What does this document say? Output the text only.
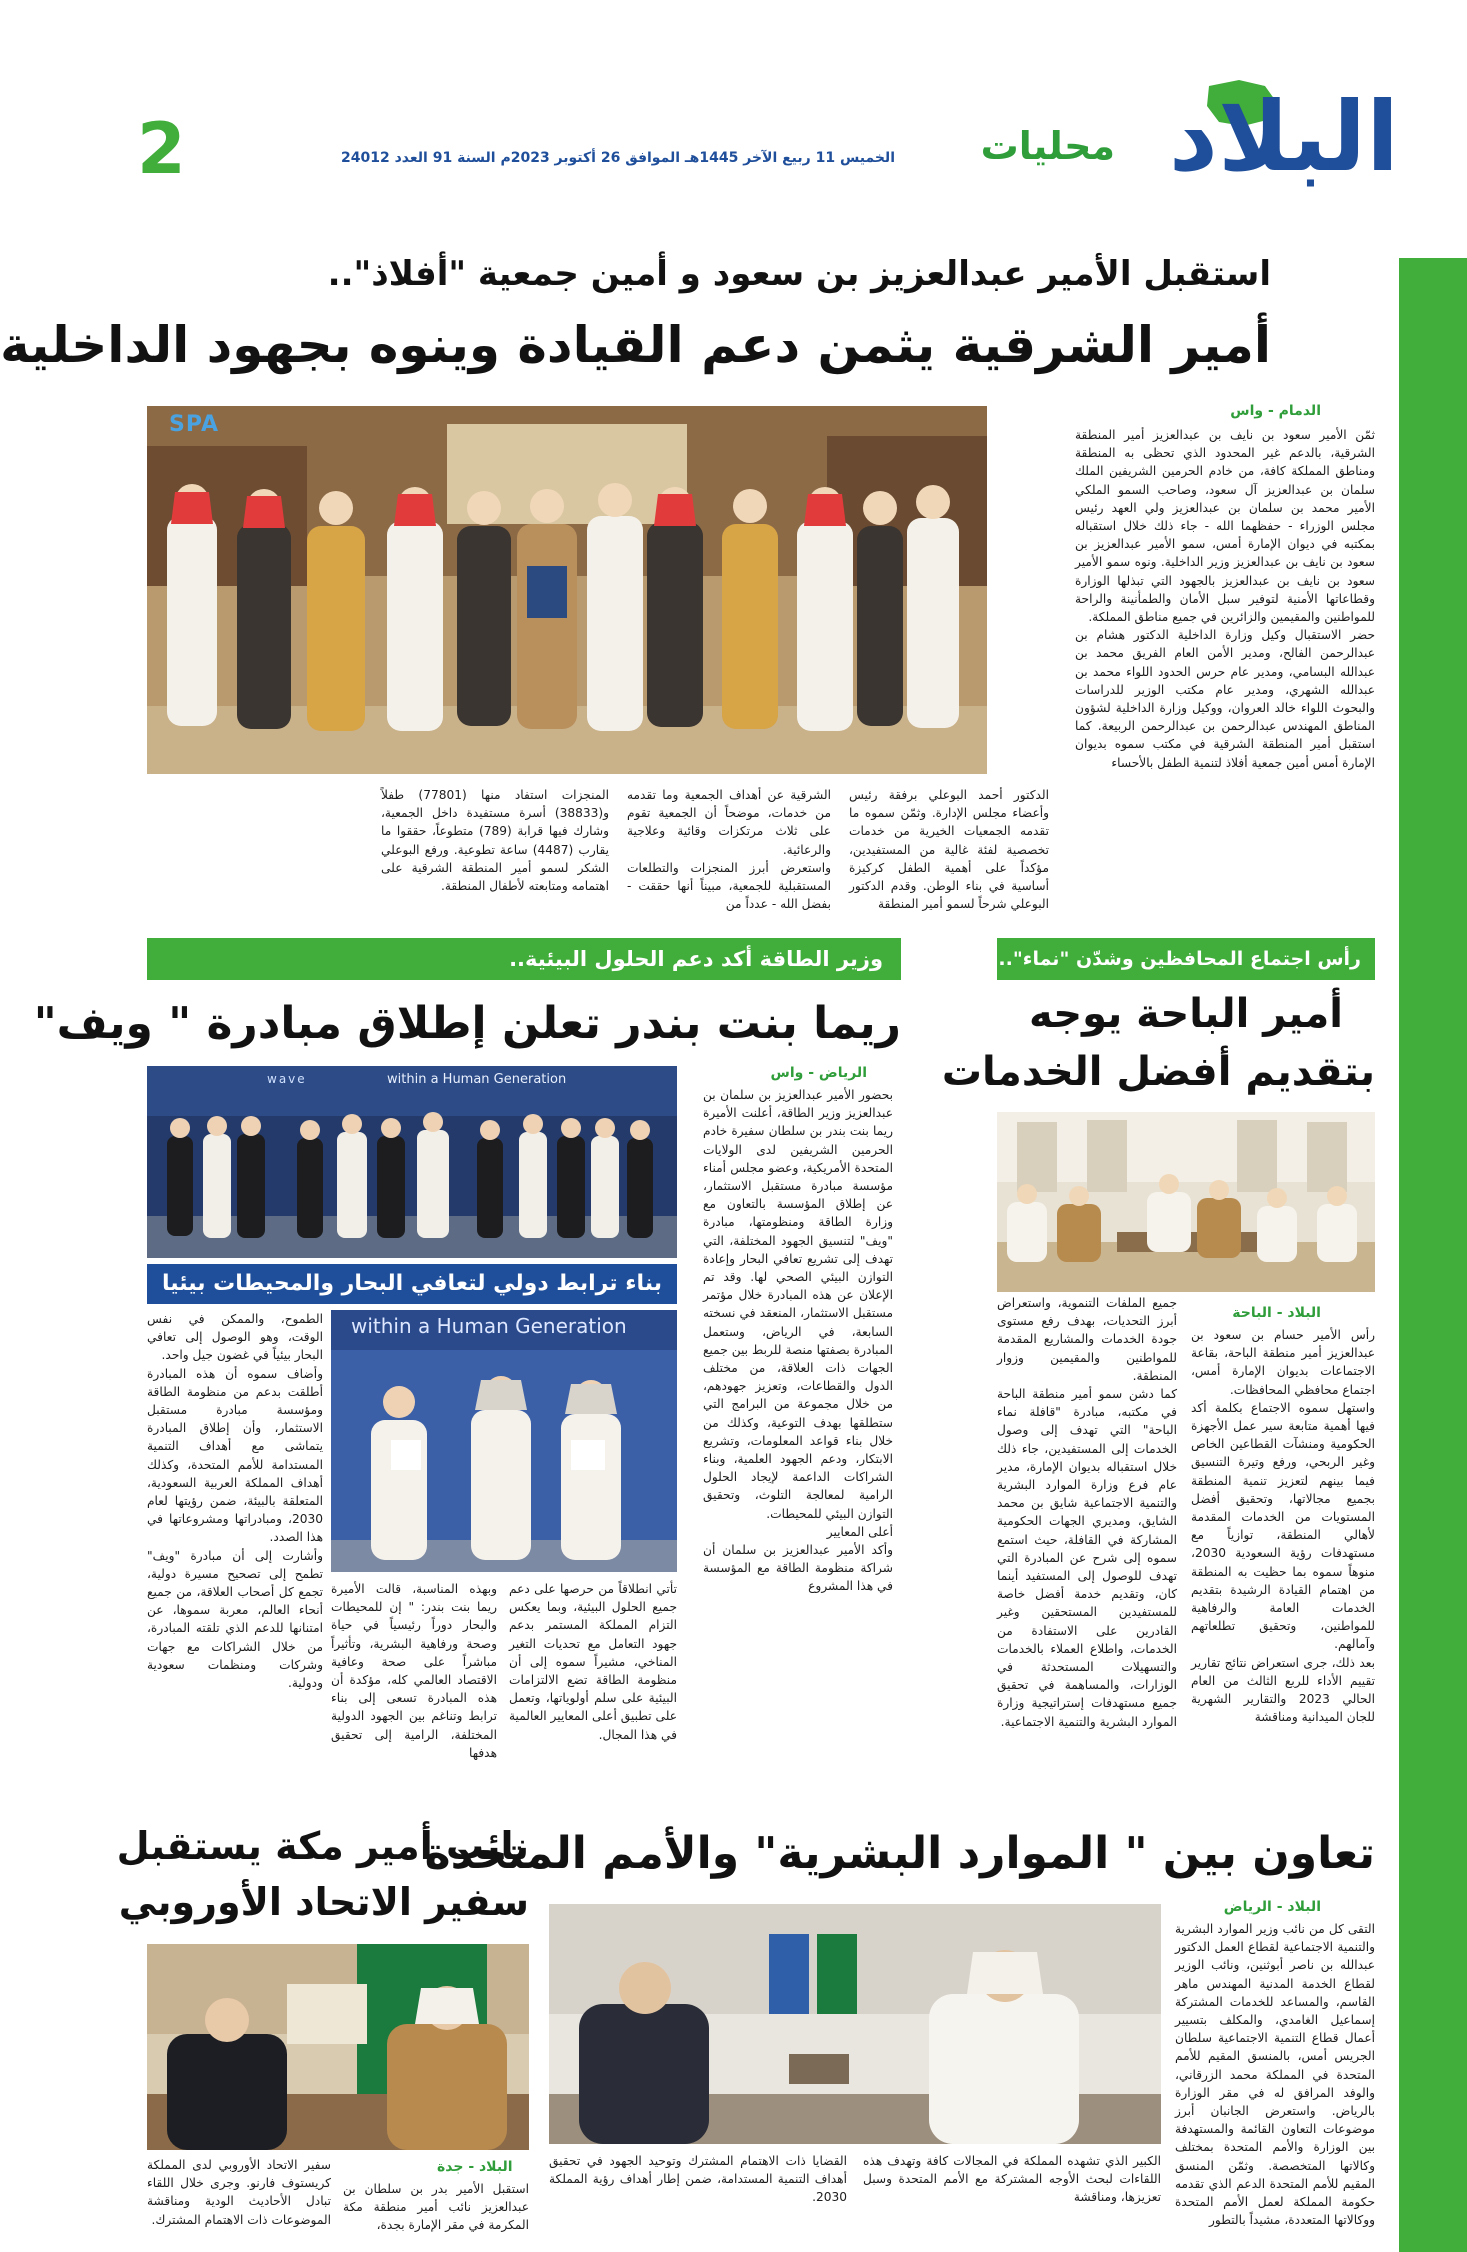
البلاد
محليات
الخميس 11 ربيع الآخر 1445هـ الموافق 26 أكتوبر 2023م السنة 91 العدد 24012
2
استقبل الأمير عبدالعزيز بن سعود و أمين جمعية "أفلاذ"..
أمير الشرقية يثمن دعم القيادة وينوه بجهود الداخلية
الدمام - واس
ثمّن الأمير سعود بن نايف بن عبدالعزيز أمير المنطقة الشرقية، بالدعم غير المحدود الذي تحظى به المنطقة ومناطق المملكة كافة، من خادم الحرمين الشريفين الملك سلمان بن عبدالعزيز آل سعود، وصاحب السمو الملكي الأمير محمد بن سلمان بن عبدالعزيز ولي العهد رئيس مجلس الوزراء - حفظهما الله - جاء ذلك خلال استقباله بمكتبه في ديوان الإمارة أمس، سمو الأمير عبدالعزيز بن سعود بن نايف بن عبدالعزيز وزير الداخلية. ونوه سمو الأمير سعود بن نايف بن عبدالعزيز بالجهود التي تبذلها الوزارة وقطاعاتها الأمنية لتوفير سبل الأمان والطمأنينة والراحة للمواطنين والمقيمين والزائرين في جميع مناطق المملكة.
حضر الاستقبال وكيل وزارة الداخلية الدكتور هشام بن عبدالرحمن الفالح، ومدير الأمن العام الفريق محمد بن عبدالله البسامي، ومدير عام حرس الحدود اللواء محمد بن عبدالله الشهري، ومدير عام مكتب الوزير للدراسات والبحوث اللواء خالد العروان، ووكيل وزارة الداخلية لشؤون المناطق المهندس عبدالرحمن بن عبدالرحمن الربيعة. كما استقبل أمير المنطقة الشرقية في مكتب سموه بديوان الإمارة أمس أمين جمعية أفلاذ لتنمية الطفل بالأحساء
SPA
الدكتور أحمد البوعلي برفقة رئيس وأعضاء مجلس الإدارة. وثمّن سموه ما تقدمه الجمعيات الخيرية من خدمات تخصصية لفئة غالية من المستفيدين، مؤكداً على أهمية الطفل كركيزة أساسية في بناء الوطن. وقدم الدكتور البوعلي شرحاً لسمو أمير المنطقة
الشرقية عن أهداف الجمعية وما تقدمه من خدمات، موضحاً أن الجمعية تقوم على ثلاث مرتكزات وقائية وعلاجية والرعائية.
واستعرض أبرز المنجزات والتطلعات المستقبلية للجمعية، مبيناً أنها حققت - بفضل الله - عدداً من
المنجزات استفاد منها (77801) طفلاً و(38833) أسرة مستفيدة داخل الجمعية، وشارك فيها قرابة (789) متطوعاً، حققوا ما يقارب (4487) ساعة تطوعية. ورفع البوعلي الشكر لسمو أمير المنطقة الشرقية على اهتمامه ومتابعته لأطفال المنطقة.
رأس اجتماع المحافظين وشدّن "نماء"..
أمير الباحة يوجه
بتقديم أفضل الخدمات
البلاد - الباحة
رأس الأمير حسام بن سعود بن عبدالعزيز أمير منطقة الباحة، بقاعة الاجتماعات بديوان الإمارة أمس، اجتماع محافظي المحافظات.
واستهل سموه الاجتماع بكلمة أكد فيها أهمية متابعة سير عمل الأجهزة الحكومية ومنشآت القطاعين الخاص وغير الربحي، ورفع وتيرة التنسيق فيما بينهم لتعزيز تنمية المنطقة بجميع مجالاتها، وتحقيق أفضل المستويات من الخدمات المقدمة لأهالي المنطقة، توازياً مع مستهدفات رؤية السعودية 2030، منوهاً سموه بما حظيت به المنطقة من اهتمام القيادة الرشيدة بتقديم الخدمات العامة والرفاهية للمواطنين، وتحقيق تطلعاتهم وآمالهم.
بعد ذلك، جرى استعراض نتائج تقارير تقييم الأداء للربع الثالث من العام الحالي 2023 والتقارير الشهرية للجان الميدانية ومناقشة
جميع الملفات التنموية، واستعراض أبرز التحديات، بهدف رفع مستوى جودة الخدمات والمشاريع المقدمة للمواطنين والمقيمين وزوار المنطقة.
كما دشن سمو أمير منطقة الباحة في مكتبه، مبادرة "قافلة نماء الباحة" التي تهدف إلى وصول الخدمات إلى المستفيدين، جاء ذلك خلال استقباله بديوان الإمارة، مدير عام فرع وزارة الموارد البشرية والتنمية الاجتماعية شايق بن محمد الشايق، ومديري الجهات الحكومية المشاركة في القافلة، حيث استمع سموه إلى شرح عن المبادرة التي تهدف للوصول إلى المستفيد أينما كان، وتقديم خدمة أفضل خاصة للمستفيدين المستحقين وغير القادرين على الاستفادة من الخدمات، واطلاع العملاء بالخدمات والتسهيلات المستحدثة في الوزارات، والمساهمة في تحقيق جميع مستهدفات إستراتيجية وزارة الموارد البشرية والتنمية الاجتماعية.
وزير الطاقة أكد دعم الحلول البيئية..
ريما بنت بندر تعلن إطلاق مبادرة " ويف"
الرياض - واس
بحضور الأمير عبدالعزيز بن سلمان بن عبدالعزيز وزير الطاقة، أعلنت الأميرة ريما بنت بندر بن سلطان سفيرة خادم الحرمين الشريفين لدى الولايات المتحدة الأمريكية، وعضو مجلس أمناء مؤسسة مبادرة مستقبل الاستثمار، عن إطلاق المؤسسة بالتعاون مع وزارة الطاقة ومنظومتها، مبادرة "ويف" لتنسيق الجهود المختلفة، التي تهدف إلى تشريع تعافي البحار وإعادة التوازن البيئي الصحي لها. وقد تم الإعلان عن هذه المبادرة خلال مؤتمر مستقبل الاستثمار، المنعقد في نسخته السابعة، في الرياض، وستعمل المبادرة بصفتها منصة للربط بين جميع الجهات ذات العلاقة، من مختلف الدول والقطاعات، وتعزيز جهودهم، من خلال مجموعة من البرامج التي ستطلقها بهدف التوعية، وكذلك من خلال بناء قواعد المعلومات، وتشريع الابتكار، ودعم الجهود العلمية، وبناء الشراكات الداعمة لإيجاد الحلول الرامية لمعالجة التلوث، وتحقيق التوازن البيئي للمحيطات.
أعلى المعايير
وأكد الأمير عبدالعزيز بن سلمان أن شراكة منظومة الطاقة مع المؤسسة في هذا المشروع
wave	within a Human Generation
بناء ترابط دولي لتعافي البحار والمحيطات بيئيا
within a Human Generation
الطموح، والممكن في نفس الوقت، وهو الوصول إلى تعافي البحار بيئياً في غضون جيل واحد.
وأضاف سموه أن هذه المبادرة أطلقت بدعم من منظومة الطاقة ومؤسسة مبادرة مستقبل الاستثمار، وأن إطلاق المبادرة يتماشى مع أهداف التنمية المستدامة للأمم المتحدة، وكذلك أهداف المملكة العربية السعودية، المتعلقة بالبيئة، ضمن رؤيتها لعام 2030، ومبادراتها ومشروعاتها في هذا الصدد.
وأشارت إلى أن مبادرة "ويف" تطمح إلى تصحيح مسيرة دولية، تجمع كل أصحاب العلاقة، من جميع أنحاء العالم، معربة سموها، عن امتنانها للدعم الذي تلقته المبادرة، من خلال الشراكات مع جهات وشركات ومنظمات سعودية ودولية.
وبهذه المناسبة، قالت الأميرة ريما بنت بندر: " إن للمحيطات والبحار دوراً رئيسياً في حياة وصحة ورفاهية البشرية، وتأثيراً مباشراً على صحة وعافية الاقتصاد العالمي كله، مؤكدة أن هذه المبادرة تسعى إلى بناء ترابط وتناغم بين الجهود الدولية المختلفة، الرامية إلى تحقيق هدفها
تأتي انطلاقاً من حرصها على دعم جميع الحلول البيئية، وبما يعكس التزام المملكة المستمر بدعم جهود التعامل مع تحديات التغير المناخي، مشيراً سموه إلى أن منظومة الطاقة تضع الالتزامات البيئية على سلم أولوياتها، وتعمل على تطبيق أعلى المعايير العالمية في هذا المجال.
نائب أمير مكة يستقبل
سفير الاتحاد الأوروبي
البلاد - جدة
استقبل الأمير بدر بن سلطان بن عبدالعزيز نائب أمير منطقة مكة المكرمة في مقر الإمارة بجدة،
سفير الاتحاد الأوروبي لدى المملكة كريستوف فارنو. وجرى خلال اللقاء تبادل الأحاديث الودية ومناقشة الموضوعات ذات الاهتمام المشترك.
تعاون بين " الموارد البشرية" والأمم المتحدة
البلاد - الرياض
التقى كل من نائب وزير الموارد البشرية والتنمية الاجتماعية لقطاع العمل الدكتور عبدالله بن ناصر أبوثنين، ونائب الوزير لقطاع الخدمة المدنية المهندس ماهر القاسم، والمساعد للخدمات المشتركة إسماعيل الغامدي، والمكلف بتسيير أعمال قطاع التنمية الاجتماعية سلطان الجريس أمس، بالمنسق المقيم للأمم المتحدة في المملكة محمد الزرقاني، والوفد المرافق له في مقر الوزارة بالرياض. واستعرض الجانبان أبرز موضوعات التعاون القائمة والمستهدفة بين الوزارة والأمم المتحدة بمختلف وكالاتها المتخصصة. وثمّن المنسق المقيم للأمم المتحدة الدعم الذي تقدمه حكومة المملكة لعمل الأمم المتحدة ووكالاتها المتعددة، مشيداً بالتطور
الكبير الذي تشهده المملكة في المجالات كافة وتهدف هذه اللقاءات لبحث الأوجه المشتركة مع الأمم المتحدة وسبل تعزيزها، ومناقشة
القضايا ذات الاهتمام المشترك وتوحيد الجهود في تحقيق أهداف التنمية المستدامة، ضمن إطار أهداف رؤية المملكة 2030.
